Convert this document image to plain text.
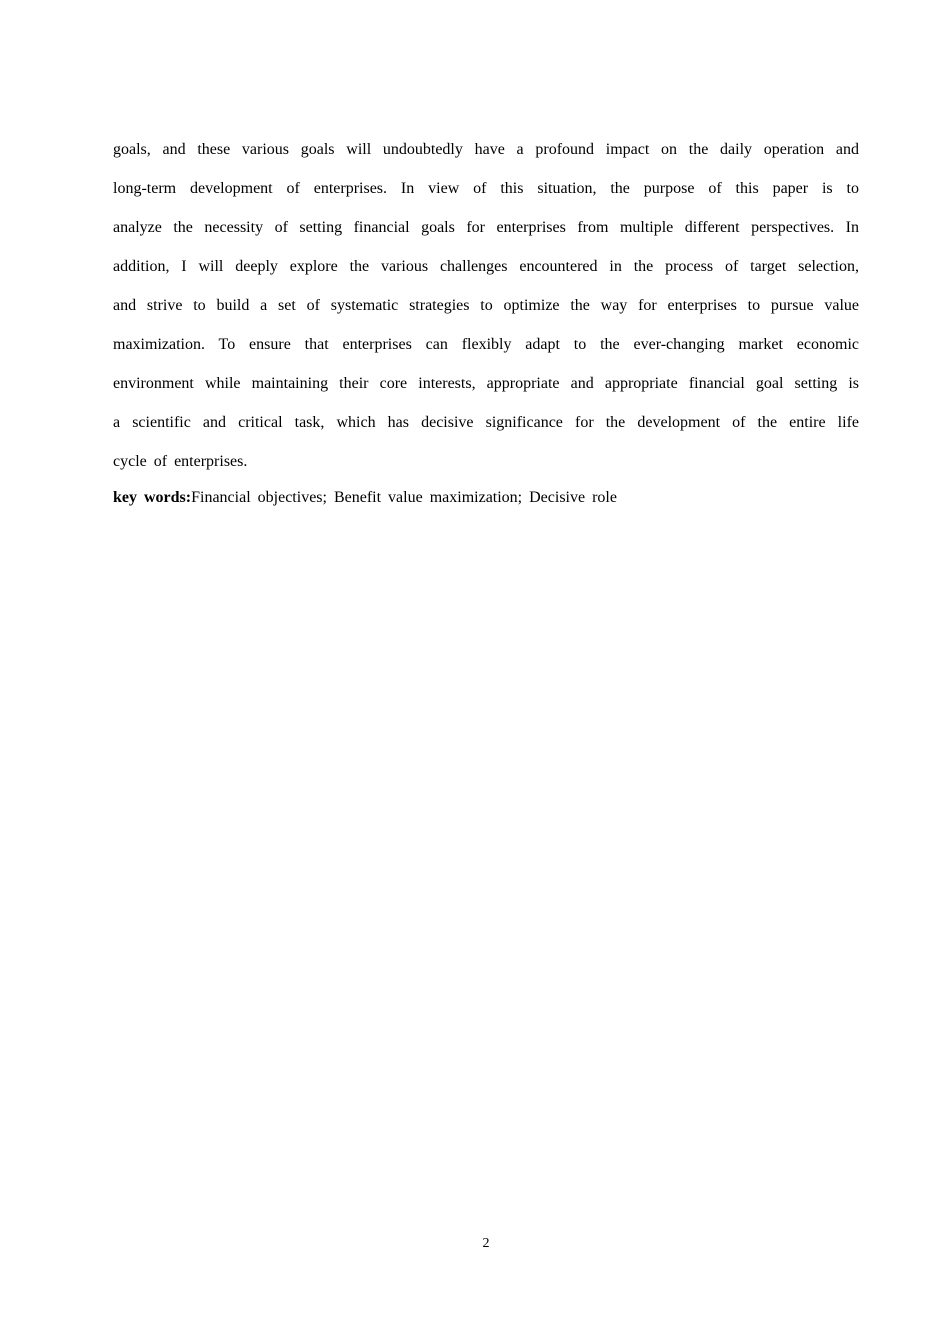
goals, and these various goals will undoubtedly have a profound impact on the daily operation and
long-term development of enterprises. In view of this situation, the purpose of this paper is to
analyze the necessity of setting financial goals for enterprises from multiple different perspectives. In
addition, I will deeply explore the various challenges encountered in the process of target selection,
and strive to build a set of systematic strategies to optimize the way for enterprises to pursue value
maximization. To ensure that enterprises can flexibly adapt to the ever-changing market economic
environment while maintaining their core interests, appropriate and appropriate financial goal setting is
a scientific and critical task, which has decisive significance for the development of the entire life
cycle of enterprises.
key words:Financial objectives; Benefit value maximization; Decisive role
2
